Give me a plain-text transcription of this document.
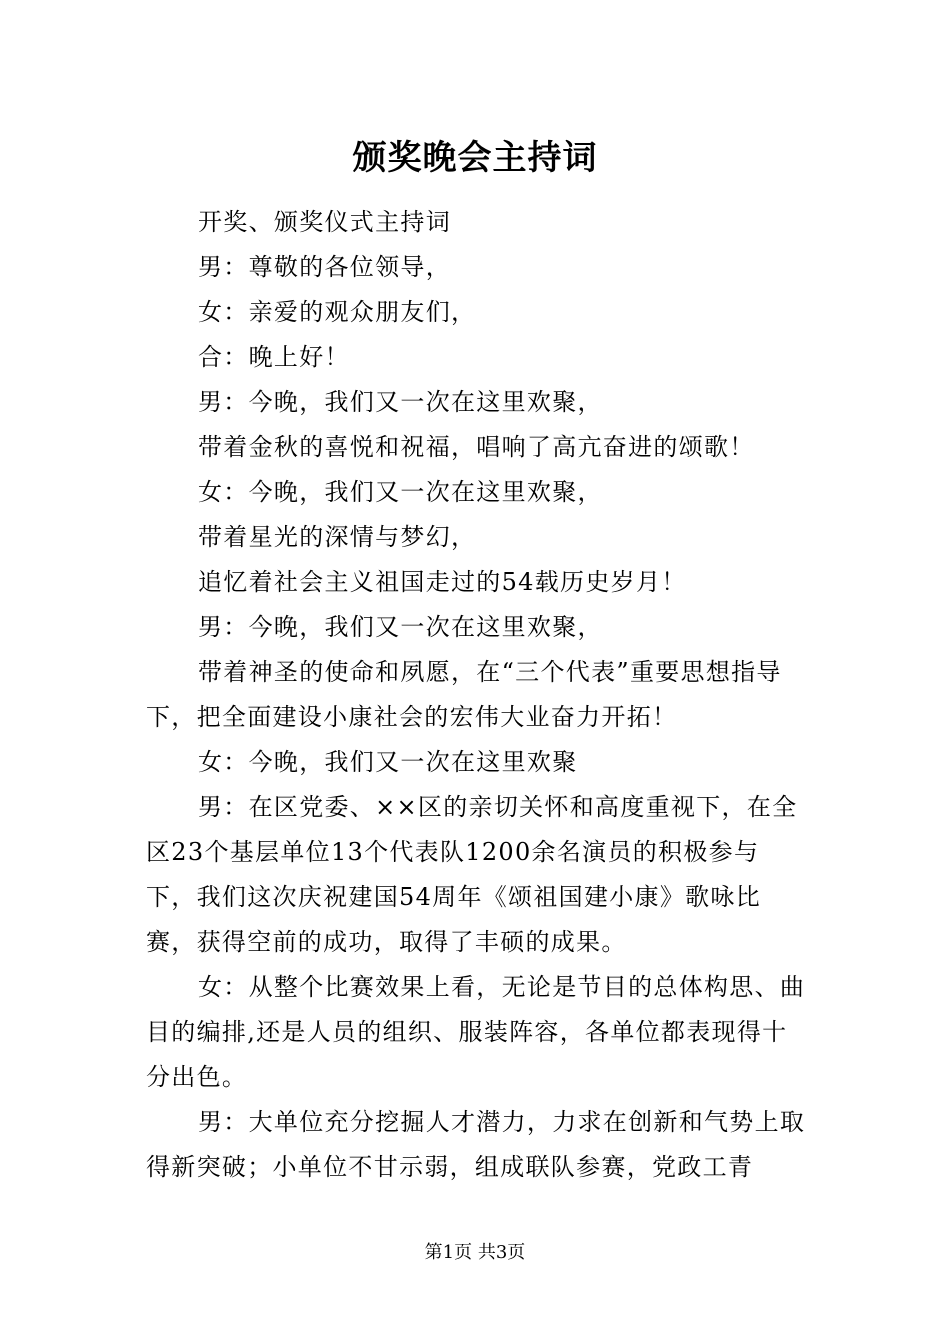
颁奖晚会主持词

开奖、颁奖仪式主持词

男：尊敬的各位领导，

女：亲爱的观众朋友们，

合：晚上好！

男：今晚，我们又一次在这里欢聚，

带着金秋的喜悦和祝福，唱响了高亢奋进的颂歌！

女：今晚，我们又一次在这里欢聚，

带着星光的深情与梦幻，

追忆着社会主义祖国走过的54载历史岁月！

男：今晚，我们又一次在这里欢聚，

带着神圣的使命和夙愿，在“三个代表”重要思想指导下，把全面建设小康社会的宏伟大业奋力开拓！

女：今晚，我们又一次在这里欢聚

男：在区党委、××区的亲切关怀和高度重视下，在全区23个基层单位13个代表队1200余名演员的积极参与下，我们这次庆祝建国54周年《颂祖国建小康》歌咏比赛，获得空前的成功，取得了丰硕的成果。

女：从整个比赛效果上看，无论是节目的总体构思、曲目的编排,还是人员的组织、服装阵容，各单位都表现得十分出色。

男：大单位充分挖掘人才潜力，力求在创新和气势上取得新突破；小单位不甘示弱，组成联队参赛，党政工青

第1页 共3页
